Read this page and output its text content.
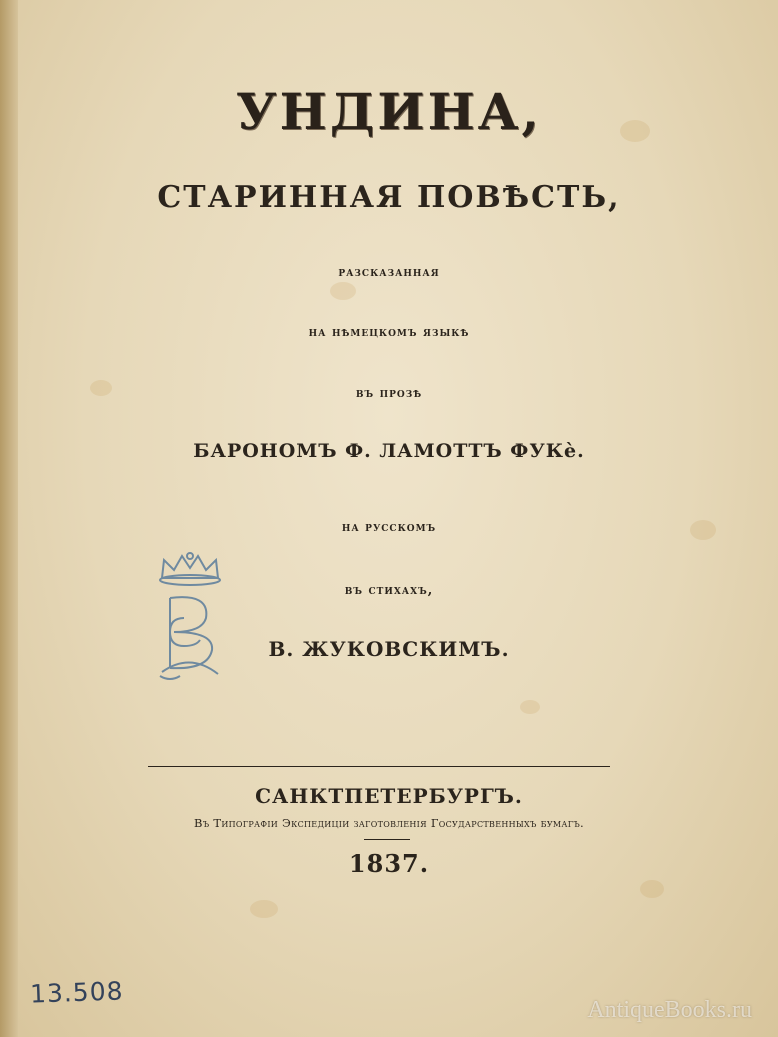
УНДИНА,
СТАРИННАЯ ПОВѢСТЬ,
разсказанная
на нѣмецкомъ языкѣ
въ прозѣ
БАРОНОМЪ Ф. ЛАМОТТЪ ФУКѐ.
на русскомъ
въ стихахъ,
В. ЖУКОВСКИМЪ.
САНКТПЕТЕРБУРГЪ.
Въ Типографіи Экспедиціи заготовленія Государственныхъ бумагъ.
1837.
13.508
AntiqueBooks.ru
